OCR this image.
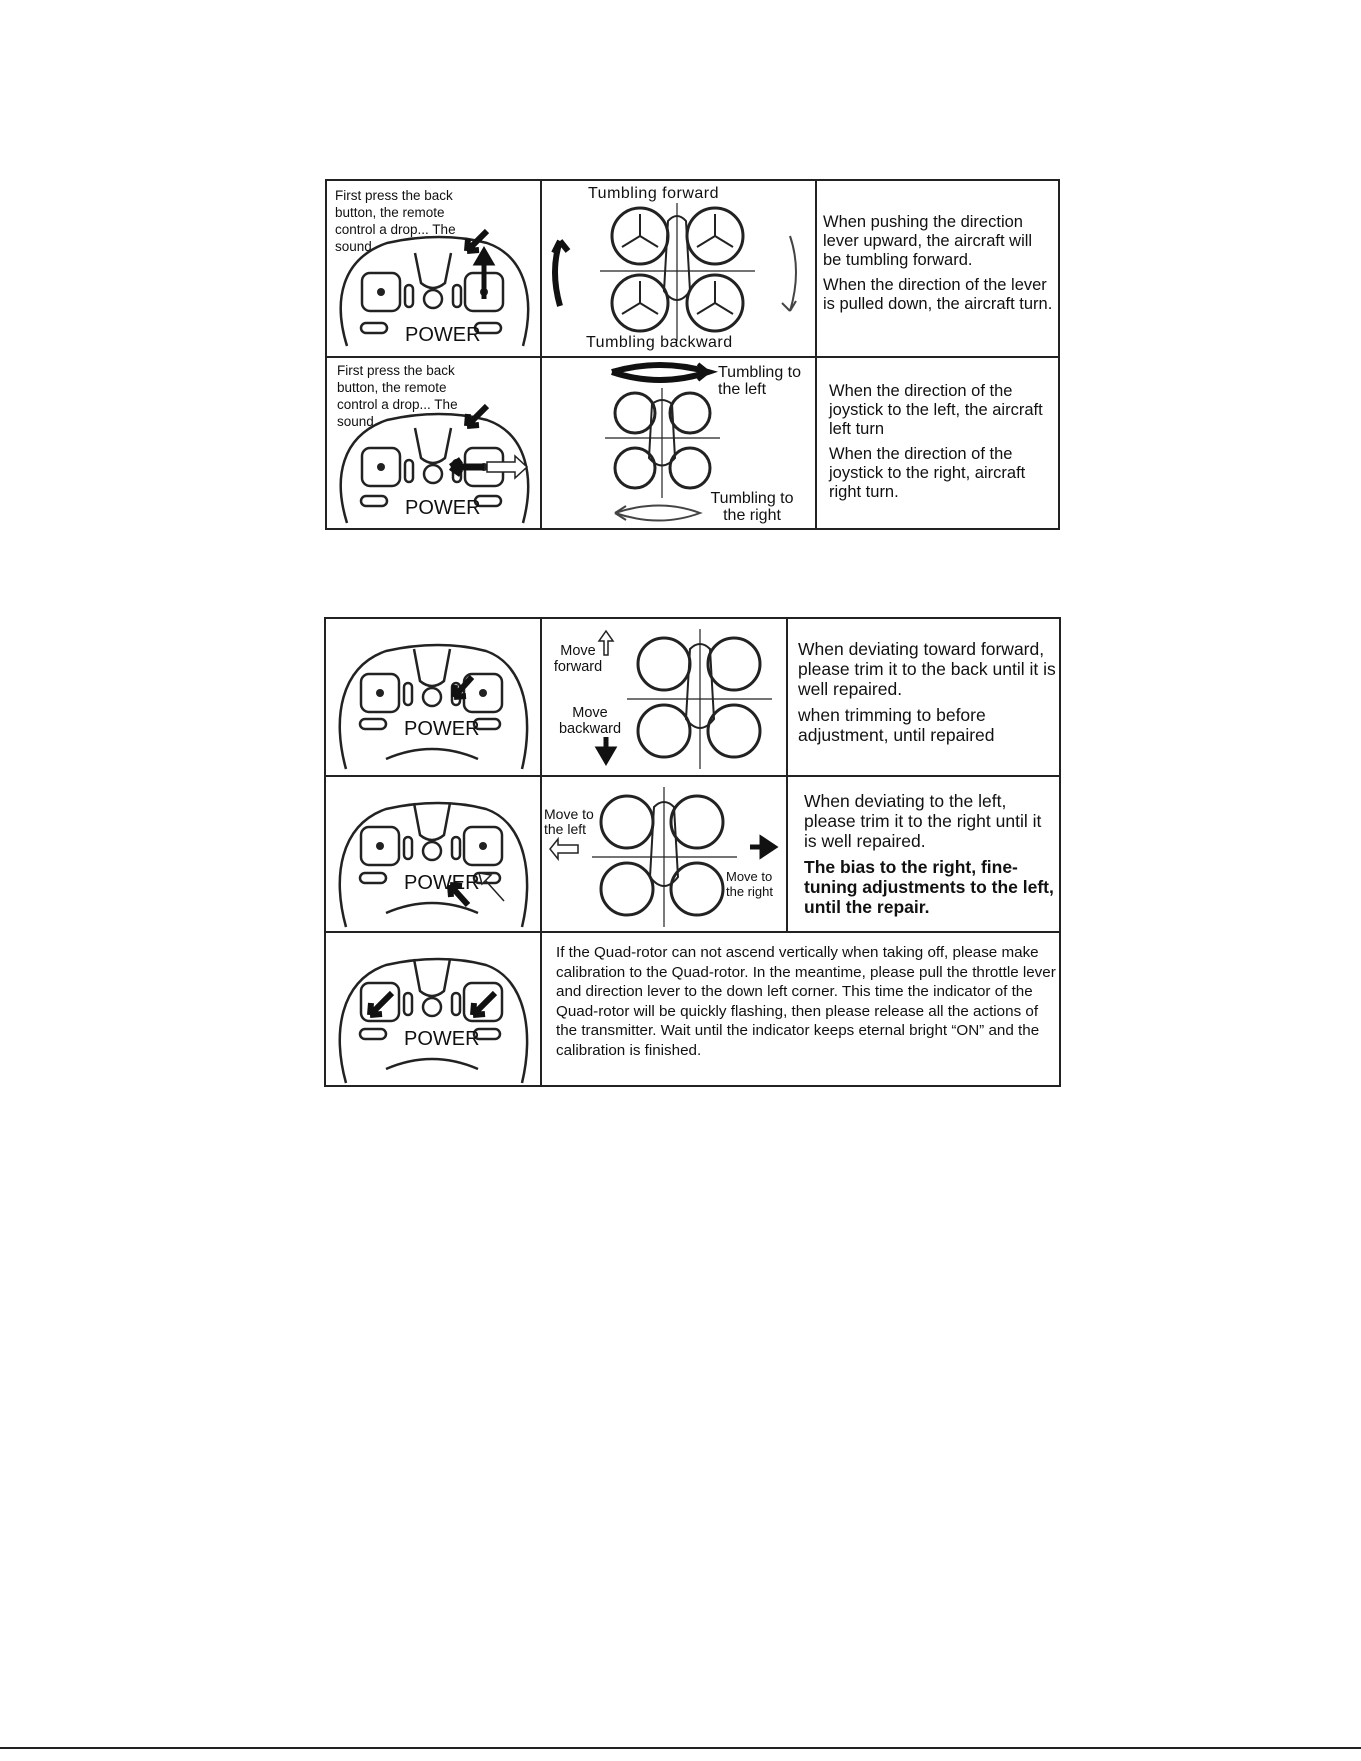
First press the back button, the remote control a drop... The sound
POWER
Tumbling forward
Tumbling backward

When pushing the direction lever upward, the aircraft will be tumbling forward.

When the direction of the lever is pulled down, the aircraft turn.

First press the back button, the remote control a drop... The sound
POWER
Tumbling to the left
Tumbling to the right

When the direction of the joystick to the left, the aircraft left turn

When the direction of the joystick to the right, aircraft right turn.

POWER
Move forward
Move backward

When deviating toward forward, please trim it to the back until it is well repaired.

when trimming to before adjustment, until repaired

POWER
Move to the left
Move to the right

When deviating to the left, please trim it to the right until it is well repaired.

The bias to the right, fine-tuning adjustments to the left, until the repair.

POWER
If the Quad-rotor can not ascend vertically when taking off, please make calibration to the Quad-rotor. In the meantime, please pull the throttle lever and direction lever to the down left corner. This time the indicator of the Quad-rotor will be quickly flashing, then please release all the actions of the transmitter. Wait until the indicator keeps eternal bright “ON” and the calibration is finished.
